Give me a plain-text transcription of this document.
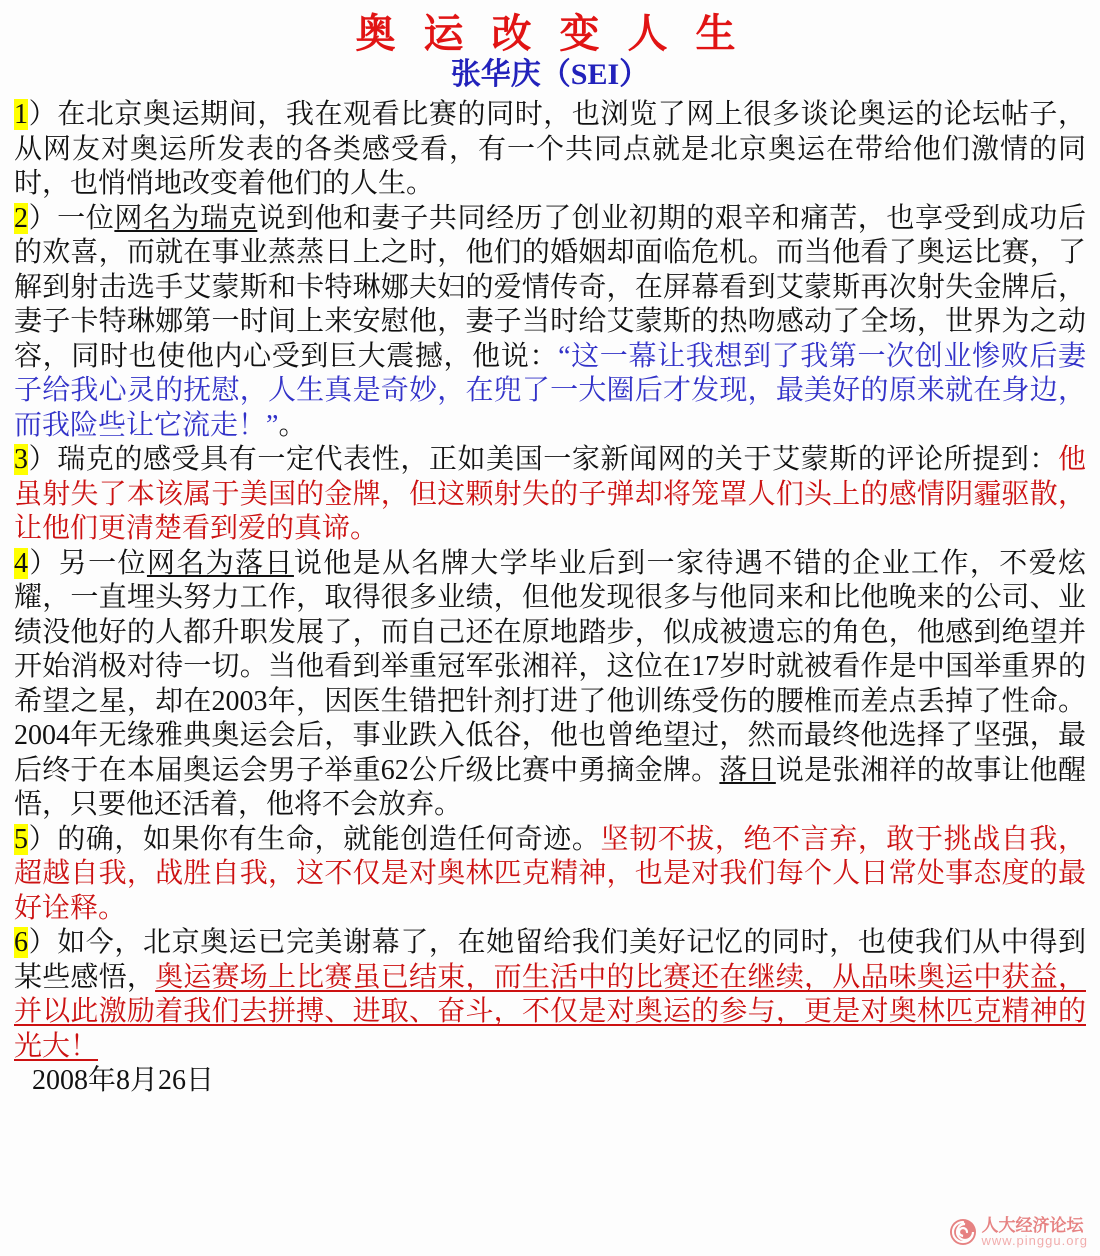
奥 运 改 变 人 生
张华庆（SEI）

1）在北京奥运期间，我在观看比赛的同时，也浏览了网上很多谈论奥运的论坛帖子，从网友对奥运所发表的各类感受看，有一个共同点就是北京奥运在带给他们激情的同时，也悄悄地改变着他们的人生。

2）一位网名为瑞克说到他和妻子共同经历了创业初期的艰辛和痛苦，也享受到成功后的欢喜，而就在事业蒸蒸日上之时，他们的婚姻却面临危机。而当他看了奥运比赛，了解到射击选手艾蒙斯和卡特琳娜夫妇的爱情传奇，在屏幕看到艾蒙斯再次射失金牌后，妻子卡特琳娜第一时间上来安慰他，妻子当时给艾蒙斯的热吻感动了全场，世界为之动容，同时也使他内心受到巨大震撼，他说：“这一幕让我想到了我第一次创业惨败后妻子给我心灵的抚慰，人生真是奇妙，在兜了一大圈后才发现，最美好的原来就在身边，而我险些让它流走！”。

3）瑞克的感受具有一定代表性，正如美国一家新闻网的关于艾蒙斯的评论所提到：他虽射失了本该属于美国的金牌，但这颗射失的子弹却将笼罩人们头上的感情阴霾驱散，让他们更清楚看到爱的真谛。

4）另一位网名为落日说他是从名牌大学毕业后到一家待遇不错的企业工作，不爱炫耀，一直埋头努力工作，取得很多业绩，但他发现很多与他同来和比他晚来的公司、业绩没他好的人都升职发展了，而自己还在原地踏步，似成被遗忘的角色，他感到绝望并开始消极对待一切。当他看到举重冠军张湘祥，这位在17岁时就被看作是中国举重界的希望之星，却在2003年，因医生错把针剂打进了他训练受伤的腰椎而差点丢掉了性命。2004年无缘雅典奥运会后，事业跌入低谷，他也曾绝望过，然而最终他选择了坚强，最后终于在本届奥运会男子举重62公斤级比赛中勇摘金牌。落日说是张湘祥的故事让他醒悟，只要他还活着，他将不会放弃。

5）的确，如果你有生命，就能创造任何奇迹。坚韧不拔，绝不言弃，敢于挑战自我，超越自我，战胜自我，这不仅是对奥林匹克精神，也是对我们每个人日常处事态度的最好诠释。

6）如今，北京奥运已完美谢幕了，在她留给我们美好记忆的同时，也使我们从中得到某些感悟，奥运赛场上比赛虽已结束，而生活中的比赛还在继续，从品味奥运中获益，并以此激励着我们去拼搏、进取、奋斗，不仅是对奥运的参与，更是对奥林匹克精神的光大！

2008年8月26日
人大经济论坛
www.pinggu.org
